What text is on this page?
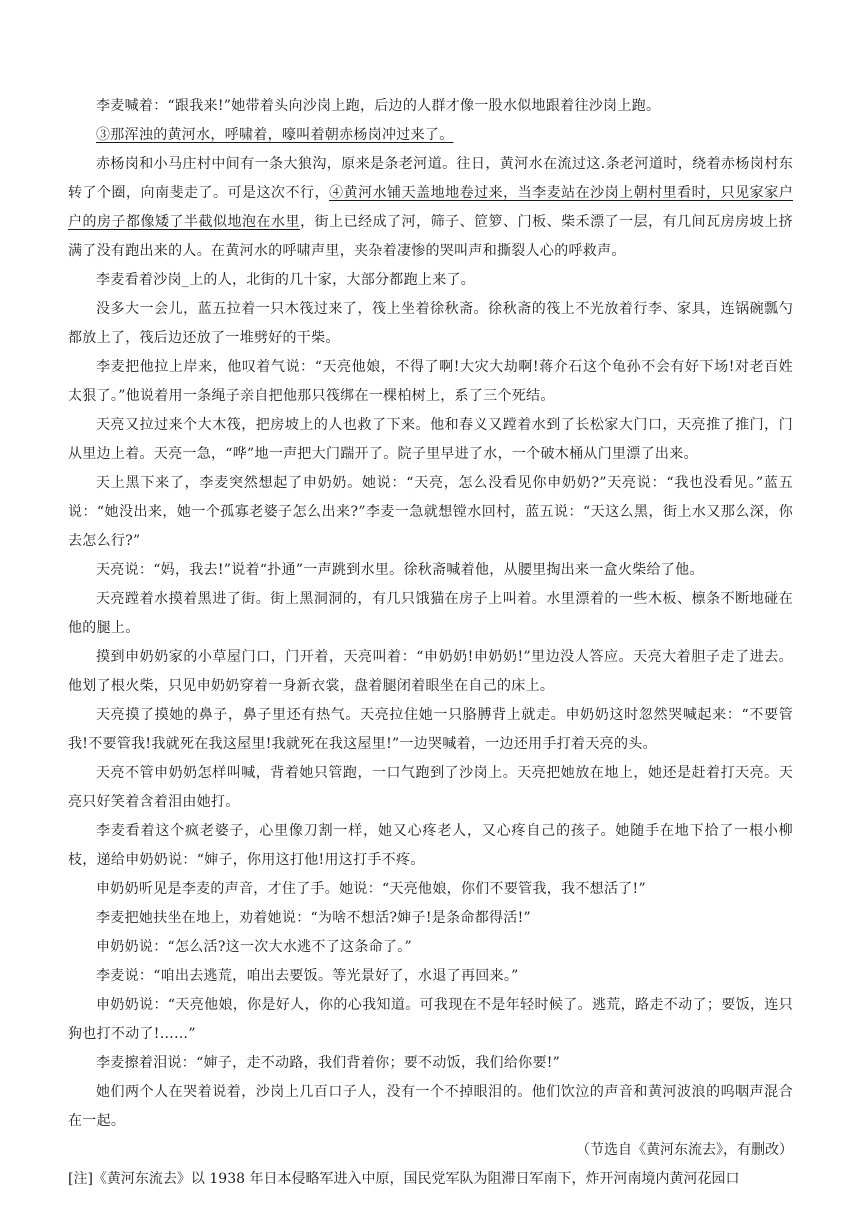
李麦喊着：“跟我来!”她带着头向沙岗上跑，后边的人群才像一股水似地跟着往沙岗上跑。

③那浑浊的黄河水，呼啸着，嚎叫着朝赤杨岗冲过来了。

赤杨岗和小马庄村中间有一条大狼沟，原来是条老河道。往日，黄河水在流过这.条老河道时，绕着赤杨岗村东转了个圈，向南斐走了。可是这次不行，④黄河水铺天盖地地卷过来，当李麦站在沙岗上朝村里看时，只见家家户户的房子都像矮了半截似地泡在水里，街上已经成了河，筛子、笸箩、门板、柴禾漂了一层，有几间瓦房房坡上挤满了没有跑出来的人。在黄河水的呼啸声里，夹杂着凄惨的哭叫声和撕裂人心的呼救声。

李麦看着沙岗_上的人，北街的几十家，大部分都跑上来了。

没多大一会儿，蓝五拉着一只木筏过来了，筏上坐着徐秋斋。徐秋斋的筏上不光放着行李、家具，连锅碗瓢勺都放上了，筏后边还放了一堆劈好的干柴。

李麦把他拉上岸来，他叹着气说：“天亮他娘，不得了啊!大灾大劫啊!蒋介石这个龟孙不会有好下场!对老百姓太狠了。”他说着用一条绳子亲自把他那只筏绑在一棵柏树上，系了三个死结。

天亮又拉过来个大木筏，把房坡上的人也救了下来。他和春义又蹚着水到了长松家大门口，天亮推了推门，门从里边上着。天亮一急，“哗”地一声把大门踹开了。院子里早进了水，一个破木桶从门里漂了出来。

天上黑下来了，李麦突然想起了申奶奶。她说：“天亮，怎么没看见你申奶奶?”天亮说：“我也没看见。”蓝五说：“她没出来，她一个孤寡老婆子怎么出来?”李麦一急就想镗水回村，蓝五说：“天这么黑，街上水又那么深，你去怎么行?”

天亮说：“妈，我去!”说着“扑通”一声跳到水里。徐秋斋喊着他，从腰里掏出来一盒火柴给了他。

天亮蹚着水摸着黑进了街。街上黑洞洞的，有几只饿猫在房子上叫着。水里漂着的一些木板、檩条不断地碰在他的腿上。

摸到申奶奶家的小草屋门口，门开着，天亮叫着：“申奶奶!申奶奶!”里边没人答应。天亮大着胆子走了进去。他划了根火柴，只见申奶奶穿着一身新衣裳，盘着腿闭着眼坐在自己的床上。

天亮摸了摸她的鼻子，鼻子里还有热气。天亮拉住她一只胳膊背上就走。申奶奶这时忽然哭喊起来：“不要管我!不要管我!我就死在我这屋里!我就死在我这屋里!”一边哭喊着，一边还用手打着天亮的头。

天亮不管申奶奶怎样叫喊，背着她只管跑，一口气跑到了沙岗上。天亮把她放在地上，她还是赶着打天亮。天亮只好笑着含着泪由她打。

李麦看着这个疯老婆子，心里像刀割一样，她又心疼老人，又心疼自己的孩子。她随手在地下拾了一根小柳枝，递给申奶奶说：“婶子，你用这打他!用这打手不疼。

申奶奶听见是李麦的声音，才住了手。她说：“天亮他娘，你们不要管我，我不想活了!”

李麦把她扶坐在地上，劝着她说：“为啥不想活?婶子!是条命都得活!”

申奶奶说：“怎么活?这一次大水逃不了这条命了。”

李麦说：“咱出去逃荒，咱出去要饭。等光景好了，水退了再回来。”

申奶奶说：“天亮他娘，你是好人，你的心我知道。可我现在不是年轻时候了。逃荒，路走不动了；要饭，连只狗也打不动了!……”

李麦擦着泪说：“婶子，走不动路，我们背着你；要不动饭，我们给你要!”

她们两个人在哭着说着，沙岗上几百口子人，没有一个不掉眼泪的。他们饮泣的声音和黄河波浪的呜咽声混合在一起。

（节选自《黄河东流去》，有删改）

[注]《黄河东流去》以 1938 年日本侵略军进入中原，国民党军队为阻滞日军南下，炸开河南境内黄河花园口
